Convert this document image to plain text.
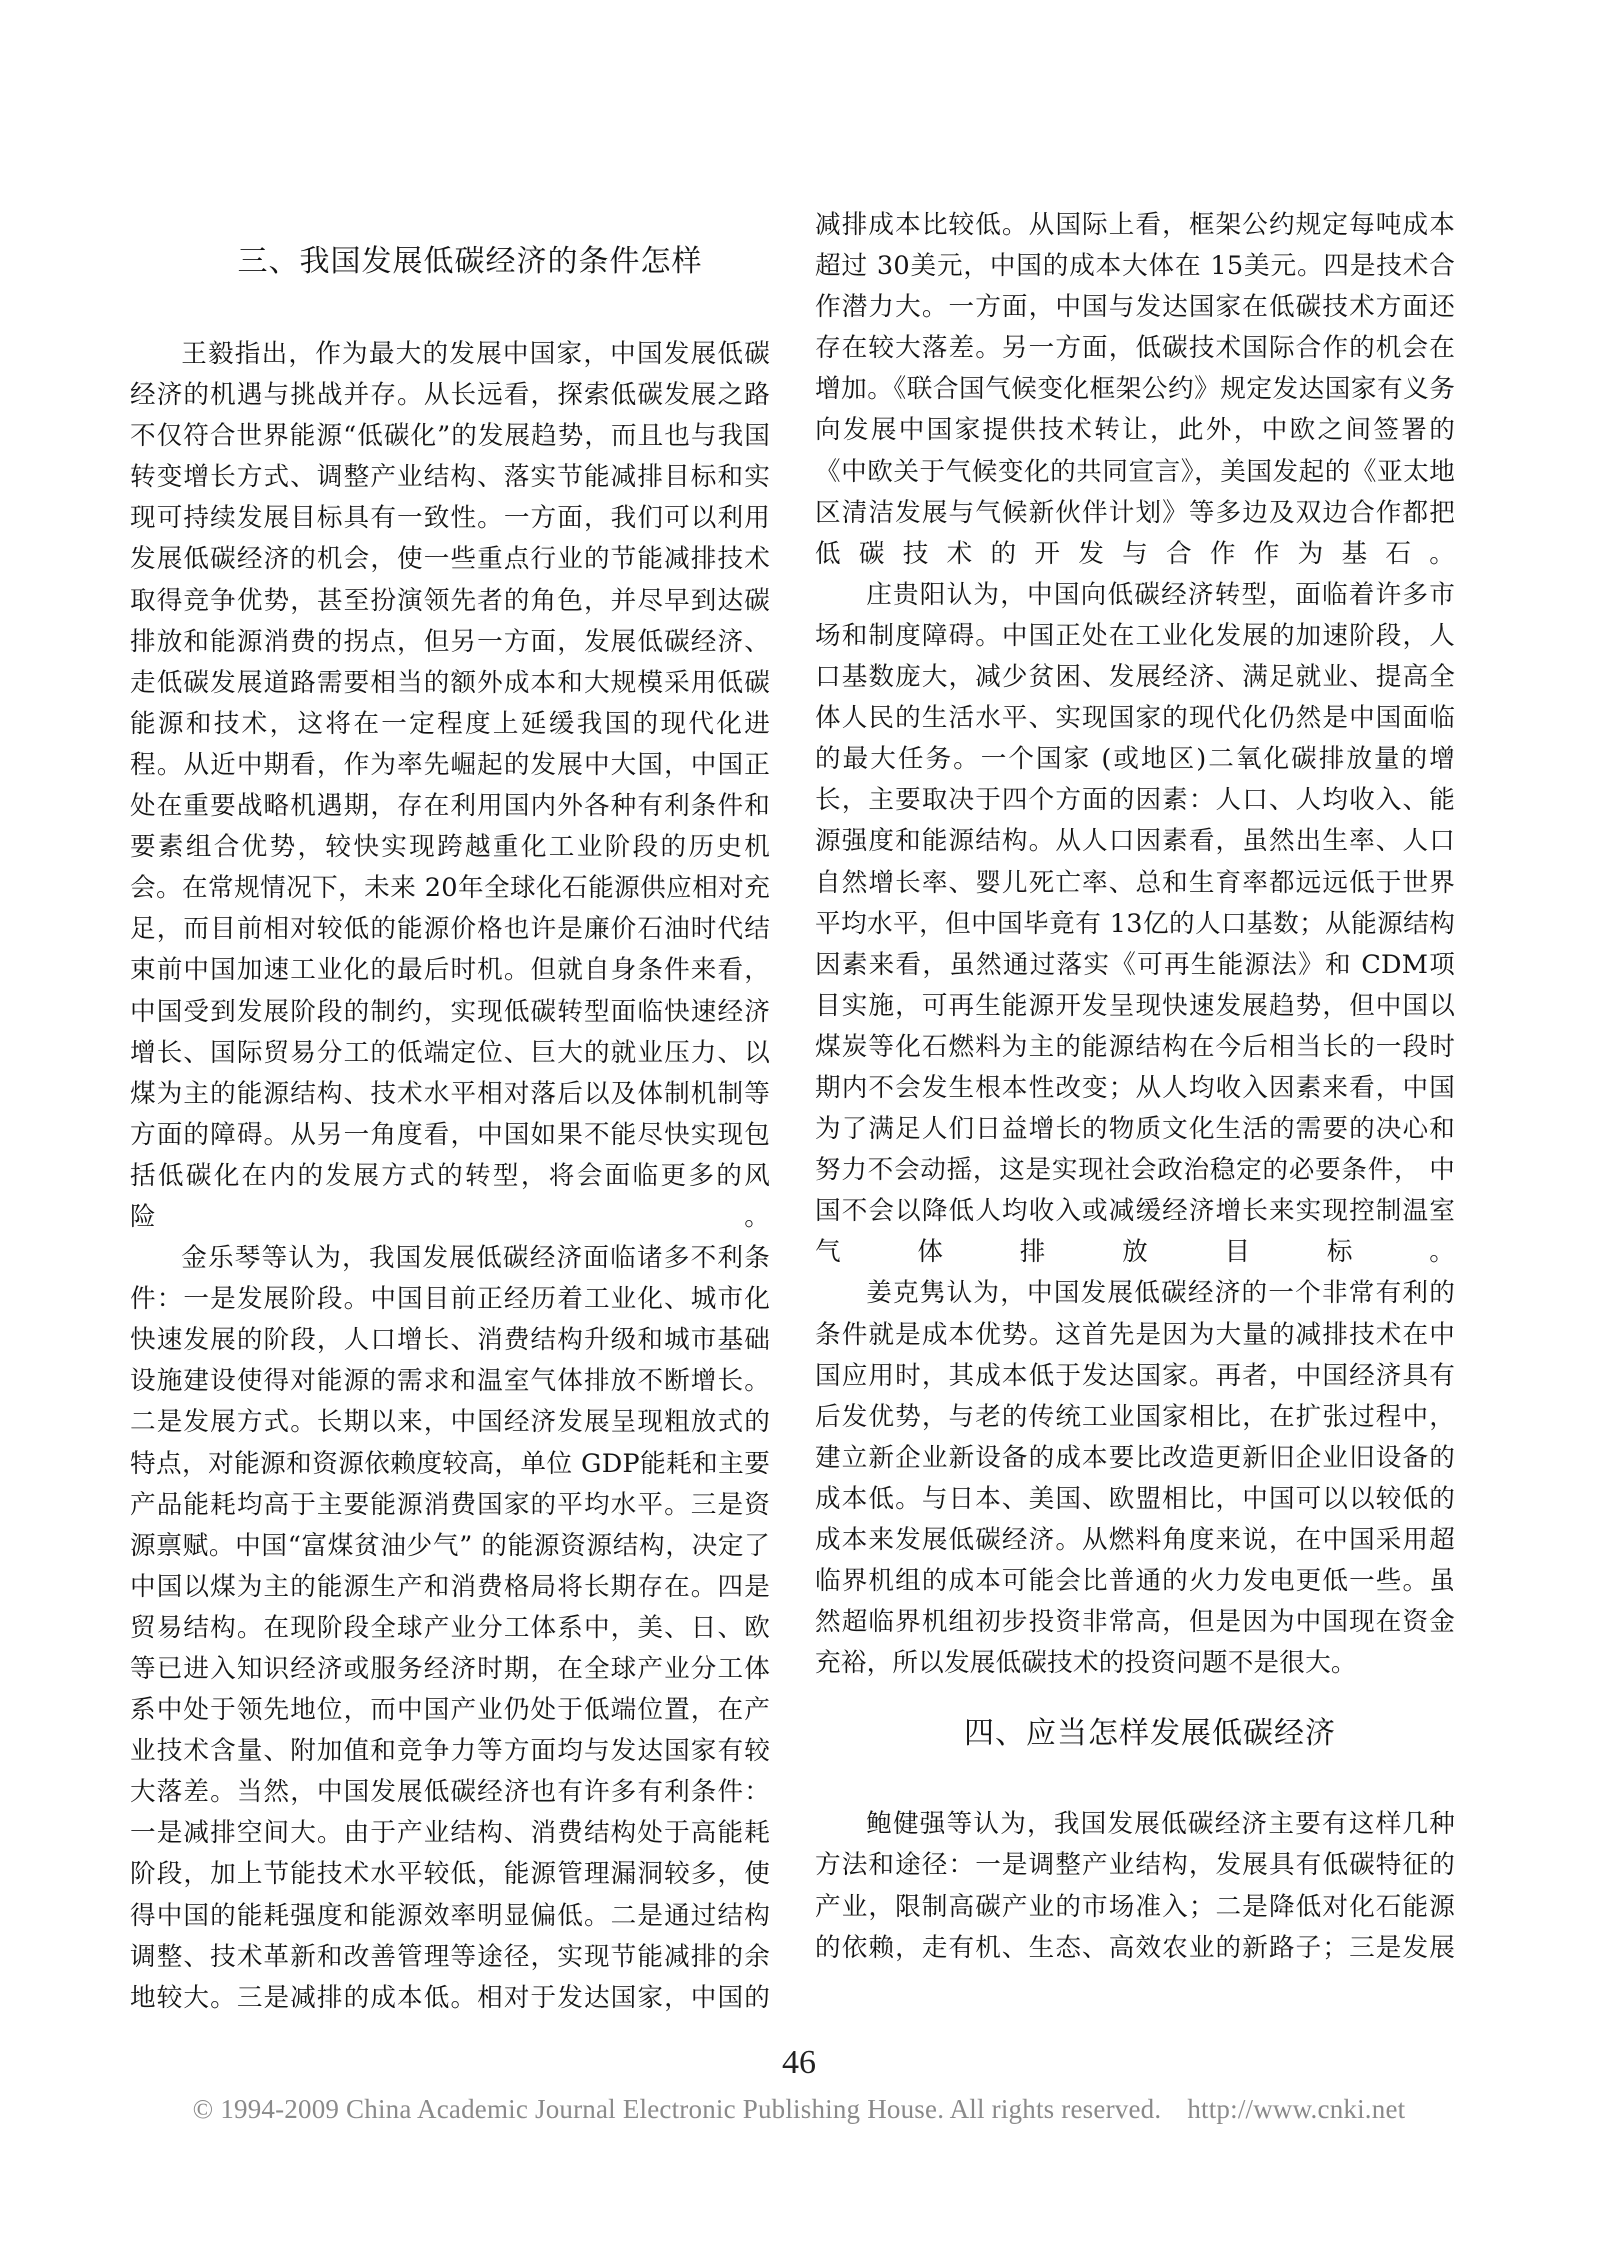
三、我国发展低碳经济的条件怎样

王毅指出，作为最大的发展中国家，中国发展低碳经济的机遇与挑战并存。从长远看，探索低碳发展之路不仅符合世界能源“低碳化”的发展趋势，而且也与我国转变增长方式、调整产业结构、落实节能减排目标和实现可持续发展目标具有一致性。一方面，我们可以利用发展低碳经济的机会，使一些重点行业的节能减排技术取得竞争优势，甚至扮演领先者的角色，并尽早到达碳排放和能源消费的拐点，但另一方面，发展低碳经济、走低碳发展道路需要相当的额外成本和大规模采用低碳能源和技术，这将在一定程度上延缓我国的现代化进程。从近中期看，作为率先崛起的发展中大国，中国正处在重要战略机遇期，存在利用国内外各种有利条件和要素组合优势，较快实现跨越重化工业阶段的历史机会。在常规情况下，未来 20年全球化石能源供应相对充足，而目前相对较低的能源价格也许是廉价石油时代结束前中国加速工业化的最后时机。但就自身条件来看，中国受到发展阶段的制约，实现低碳转型面临快速经济增长、国际贸易分工的低端定位、巨大的就业压力、以煤为主的能源结构、技术水平相对落后以及体制机制等方面的障碍。从另一角度看，中国如果不能尽快实现包括低碳化在内的发展方式的转型，将会面临更多的风险。

金乐琴等认为，我国发展低碳经济面临诸多不利条件：一是发展阶段。中国目前正经历着工业化、城市化快速发展的阶段，人口增长、消费结构升级和城市基础设施建设使得对能源的需求和温室气体排放不断增长。二是发展方式。长期以来，中国经济发展呈现粗放式的特点，对能源和资源依赖度较高，单位 GDP能耗和主要产品能耗均高于主要能源消费国家的平均水平。三是资源禀赋。中国“富煤贫油少气” 的能源资源结构，决定了中国以煤为主的能源生产和消费格局将长期存在。四是贸易结构。在现阶段全球产业分工体系中，美、日、欧等已进入知识经济或服务经济时期，在全球产业分工体系中处于领先地位，而中国产业仍处于低端位置，在产业技术含量、附加值和竞争力等方面均与发达国家有较大落差。当然，中国发展低碳经济也有许多有利条件：一是减排空间大。由于产业结构、消费结构处于高能耗阶段，加上节能技术水平较低，能源管理漏洞较多，使得中国的能耗强度和能源效率明显偏低。二是通过结构调整、技术革新和改善管理等途径，实现节能减排的余地较大。三是减排的成本低。相对于发达国家，中国的

减排成本比较低。从国际上看，框架公约规定每吨成本超过 30美元，中国的成本大体在 15美元。四是技术合作潜力大。一方面，中国与发达国家在低碳技术方面还存在较大落差。另一方面，低碳技术国际合作的机会在增加。《联合国气候变化框架公约》规定发达国家有义务向发展中国家提供技术转让，此外，中欧之间签署的《中欧关于气候变化的共同宣言》，美国发起的《亚太地区清洁发展与气候新伙伴计划》等多边及双边合作都把低碳技术的开发与合作作为基石。

庄贵阳认为，中国向低碳经济转型，面临着许多市场和制度障碍。中国正处在工业化发展的加速阶段，人口基数庞大，减少贫困、发展经济、满足就业、提高全体人民的生活水平、实现国家的现代化仍然是中国面临的最大任务。一个国家 (或地区)二氧化碳排放量的增长，主要取决于四个方面的因素：人口、人均收入、能源强度和能源结构。从人口因素看，虽然出生率、人口自然增长率、婴儿死亡率、总和生育率都远远低于世界平均水平，但中国毕竟有 13亿的人口基数；从能源结构因素来看，虽然通过落实《可再生能源法》和 CDM项目实施，可再生能源开发呈现快速发展趋势，但中国以煤炭等化石燃料为主的能源结构在今后相当长的一段时期内不会发生根本性改变；从人均收入因素来看，中国为了满足人们日益增长的物质文化生活的需要的决心和努力不会动摇，这是实现社会政治稳定的必要条件， 中国不会以降低人均收入或减缓经济增长来实现控制温室气体排放目标。

姜克隽认为，中国发展低碳经济的一个非常有利的条件就是成本优势。这首先是因为大量的减排技术在中国应用时，其成本低于发达国家。再者，中国经济具有后发优势，与老的传统工业国家相比，在扩张过程中，建立新企业新设备的成本要比改造更新旧企业旧设备的成本低。与日本、美国、欧盟相比，中国可以以较低的成本来发展低碳经济。从燃料角度来说，在中国采用超临界机组的成本可能会比普通的火力发电更低一些。虽然超临界机组初步投资非常高，但是因为中国现在资金充裕，所以发展低碳技术的投资问题不是很大。

四、应当怎样发展低碳经济

鲍健强等认为，我国发展低碳经济主要有这样几种方法和途径：一是调整产业结构，发展具有低碳特征的产业，限制高碳产业的市场准入；二是降低对化石能源的依赖，走有机、生态、高效农业的新路子；三是发展

46
© 1994-2009 China Academic Journal Electronic Publishing House. All rights reserved. http://www.cnki.net
